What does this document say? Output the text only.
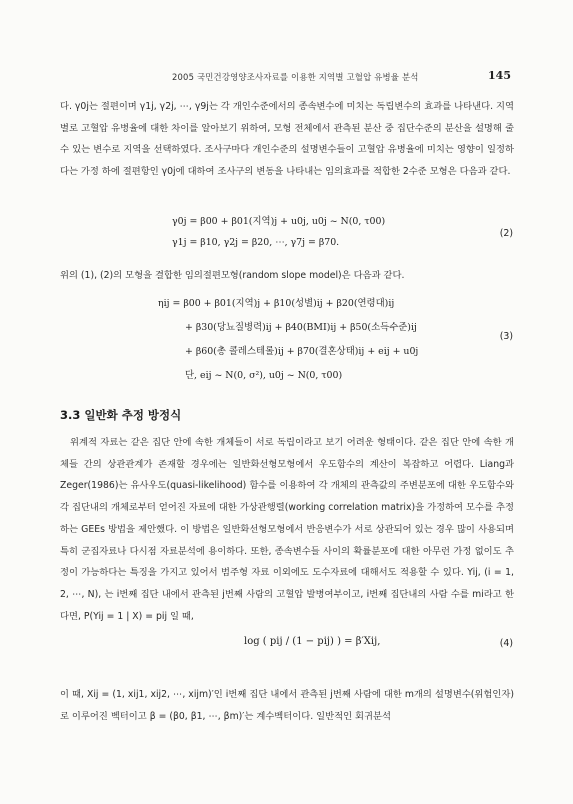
2005 국민건강영양조사자료를 이용한 지역별 고혈압 유병율 분석	145
다. γ0j는 절편이며 γ1j, γ2j, ⋯, γ9j는 각 개인수준에서의 종속변수에 미치는 독립변수의 효과를 나타낸다. 지역별로 고혈압 유병율에 대한 차이를 알아보기 위하여, 모형 전체에서 관측된 분산 중 집단수준의 분산을 설명해 줄 수 있는 변수로 지역을 선택하였다. 조사구마다 개인수준의 설명변수들이 고혈압 유병율에 미치는 영향이 일정하다는 가정 하에 절편항인 γ0j에 대하여 조사구의 변동을 나타내는 임의효과를 적합한 2수준 모형은 다음과 같다.
γ0j = β00 + β01(지역)j + u0j, u0j ~ N(0, τ00)
γ1j = β10, γ2j = β20, ⋯, γ7j = β70.
(2)
위의 (1), (2)의 모형을 결합한 임의절편모형(random slope model)은 다음과 같다.
ηij = β00 + β01(지역)j + β10(성별)ij + β20(연령대)ij
+ β30(당뇨질병력)ij + β40(BMI)ij + β50(소득수준)ij
+ β60(총 콜레스테롤)ij + β70(결혼상태)ij + eij + u0j
단, eij ~ N(0, σ²), u0j ~ N(0, τ00)
(3)
3.3 일반화 추정 방정식
위계적 자료는 같은 집단 안에 속한 개체들이 서로 독립이라고 보기 어려운 형태이다. 같은 집단 안에 속한 개체들 간의 상관관계가 존재할 경우에는 일반화선형모형에서 우도함수의 계산이 복잡하고 어렵다. Liang과 Zeger(1986)는 유사우도(quasi-likelihood) 함수를 이용하여 각 개체의 관측값의 주변분포에 대한 우도함수와 각 집단내의 개체로부터 얻어진 자료에 대한 가상관행렬(working correlation matrix)을 가정하여 모수를 추정하는 GEEs 방법을 제안했다. 이 방법은 일반화선형모형에서 반응변수가 서로 상관되어 있는 경우 많이 사용되며 특히 군집자료나 다시점 자료분석에 용이하다. 또한, 종속변수들 사이의 확률분포에 대한 아무런 가정 없이도 추정이 가능하다는 특징을 가지고 있어서 범주형 자료 이외에도 도수자료에 대해서도 적용할 수 있다. Yij, (i = 1, 2, ⋯, N), 는 i번째 집단 내에서 관측된 j번째 사람의 고혈압 발병여부이고, i번째 집단내의 사람 수를 mi라고 한다면, P(Yij = 1 | X) = pij 일 때,
log ( pij / (1 − pij) ) = β′Xij,	(4)
이 때, Xij = (1, xij1, xij2, ⋯, xijm)′인 i번째 집단 내에서 관측된 j번째 사람에 대한 m개의 설명변수(위험인자)로 이루어진 벡터이고 β = (β0, β1, ⋯, βm)′는 계수벡터이다. 일반적인 회귀분석
